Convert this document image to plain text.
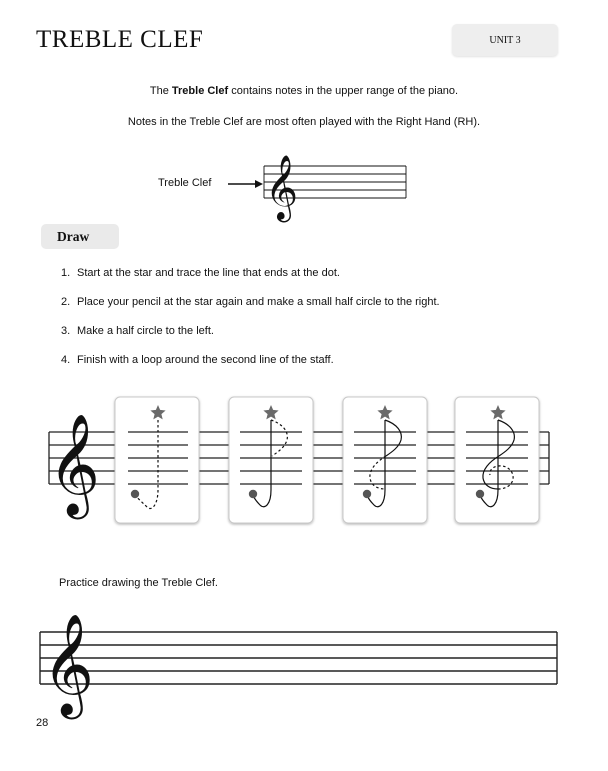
TREBLE CLEF	UNIT 3

The Treble Clef contains notes in the upper range of the piano.

Notes in the Treble Clef are most often played with the Right Hand (RH).

Treble Clef
Draw
1. Start at the star and trace the line that ends at the dot.
2. Place your pencil at the star again and make a small half circle to the right.
3. Make a half circle to the left.
4. Finish with a loop around the second line of the staff.

Practice drawing the Treble Clef.

28
𝄞
𝄞
𝄞
